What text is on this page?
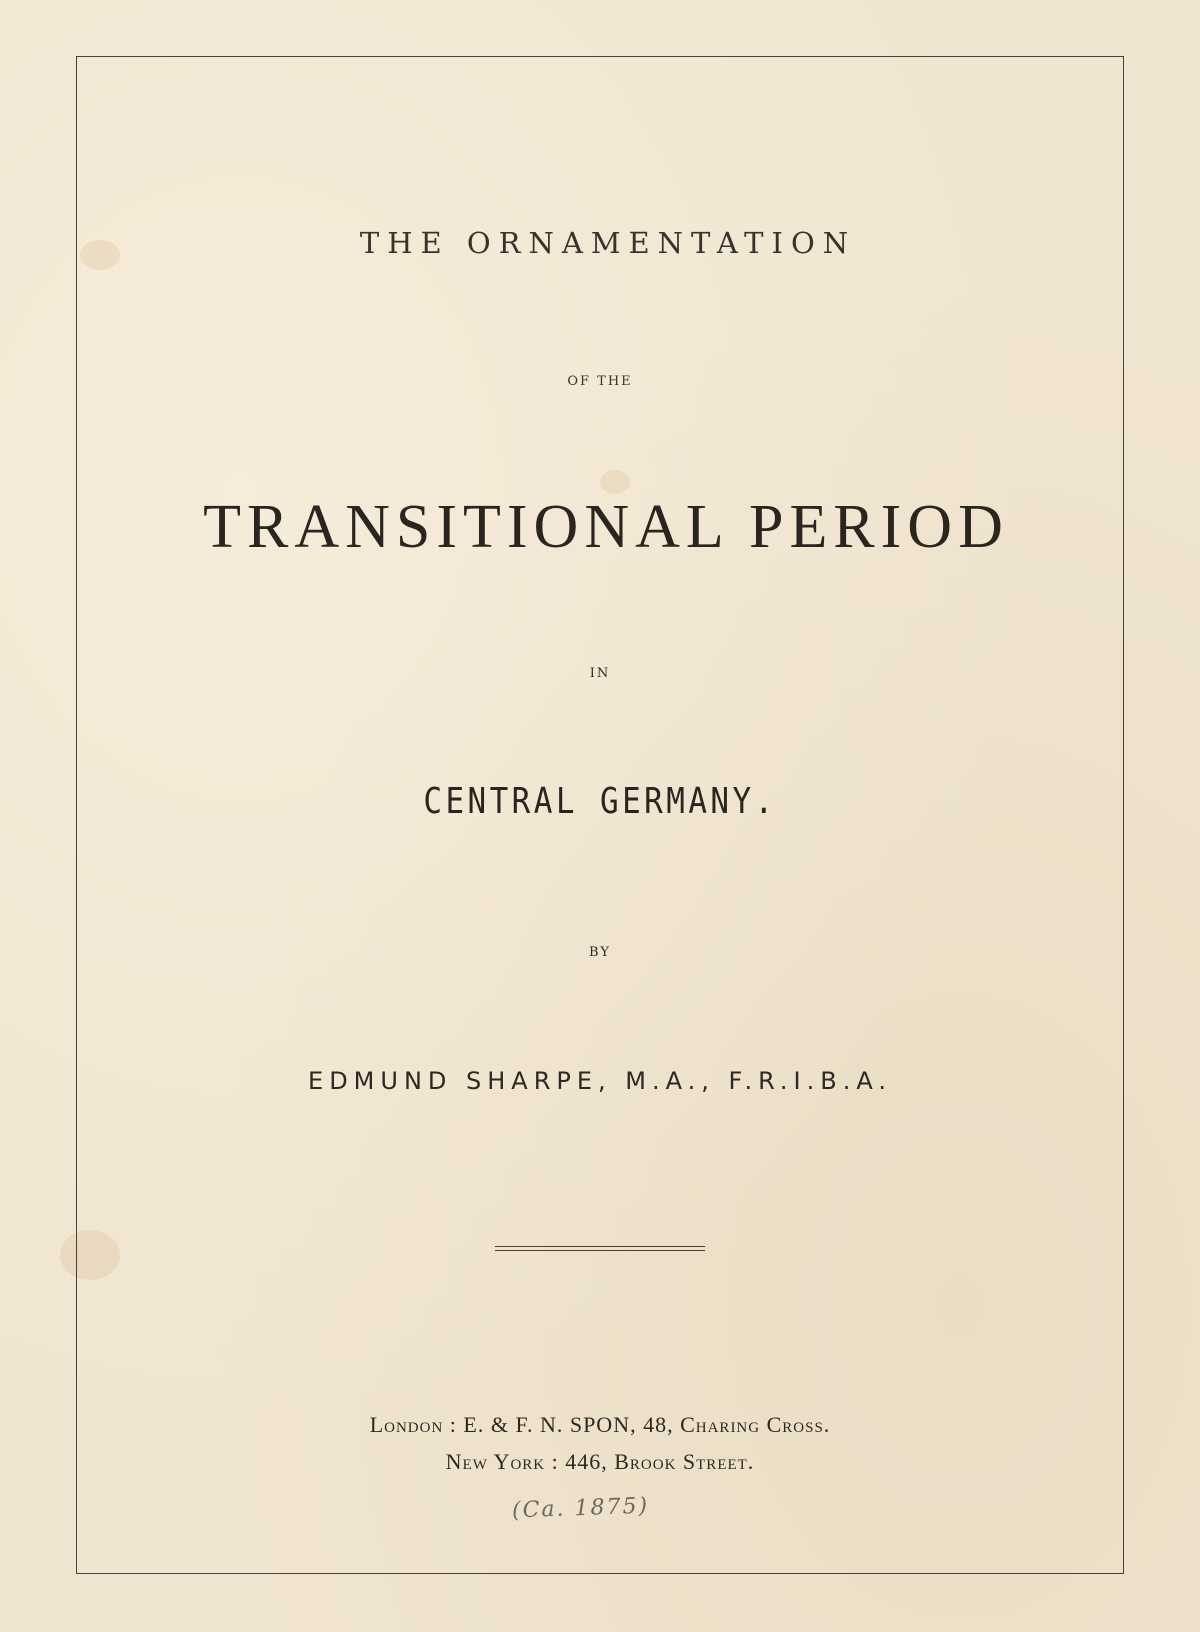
THE ORNAMENTATION
OF THE
TRANSITIONAL PERIOD
IN
CENTRAL GERMANY.
BY
EDMUND SHARPE, M.A., F.R.I.B.A.
London : E. & F. N. SPON, 48, Charing Cross.
New York : 446, Brook Street.
(Ca. 1875)
